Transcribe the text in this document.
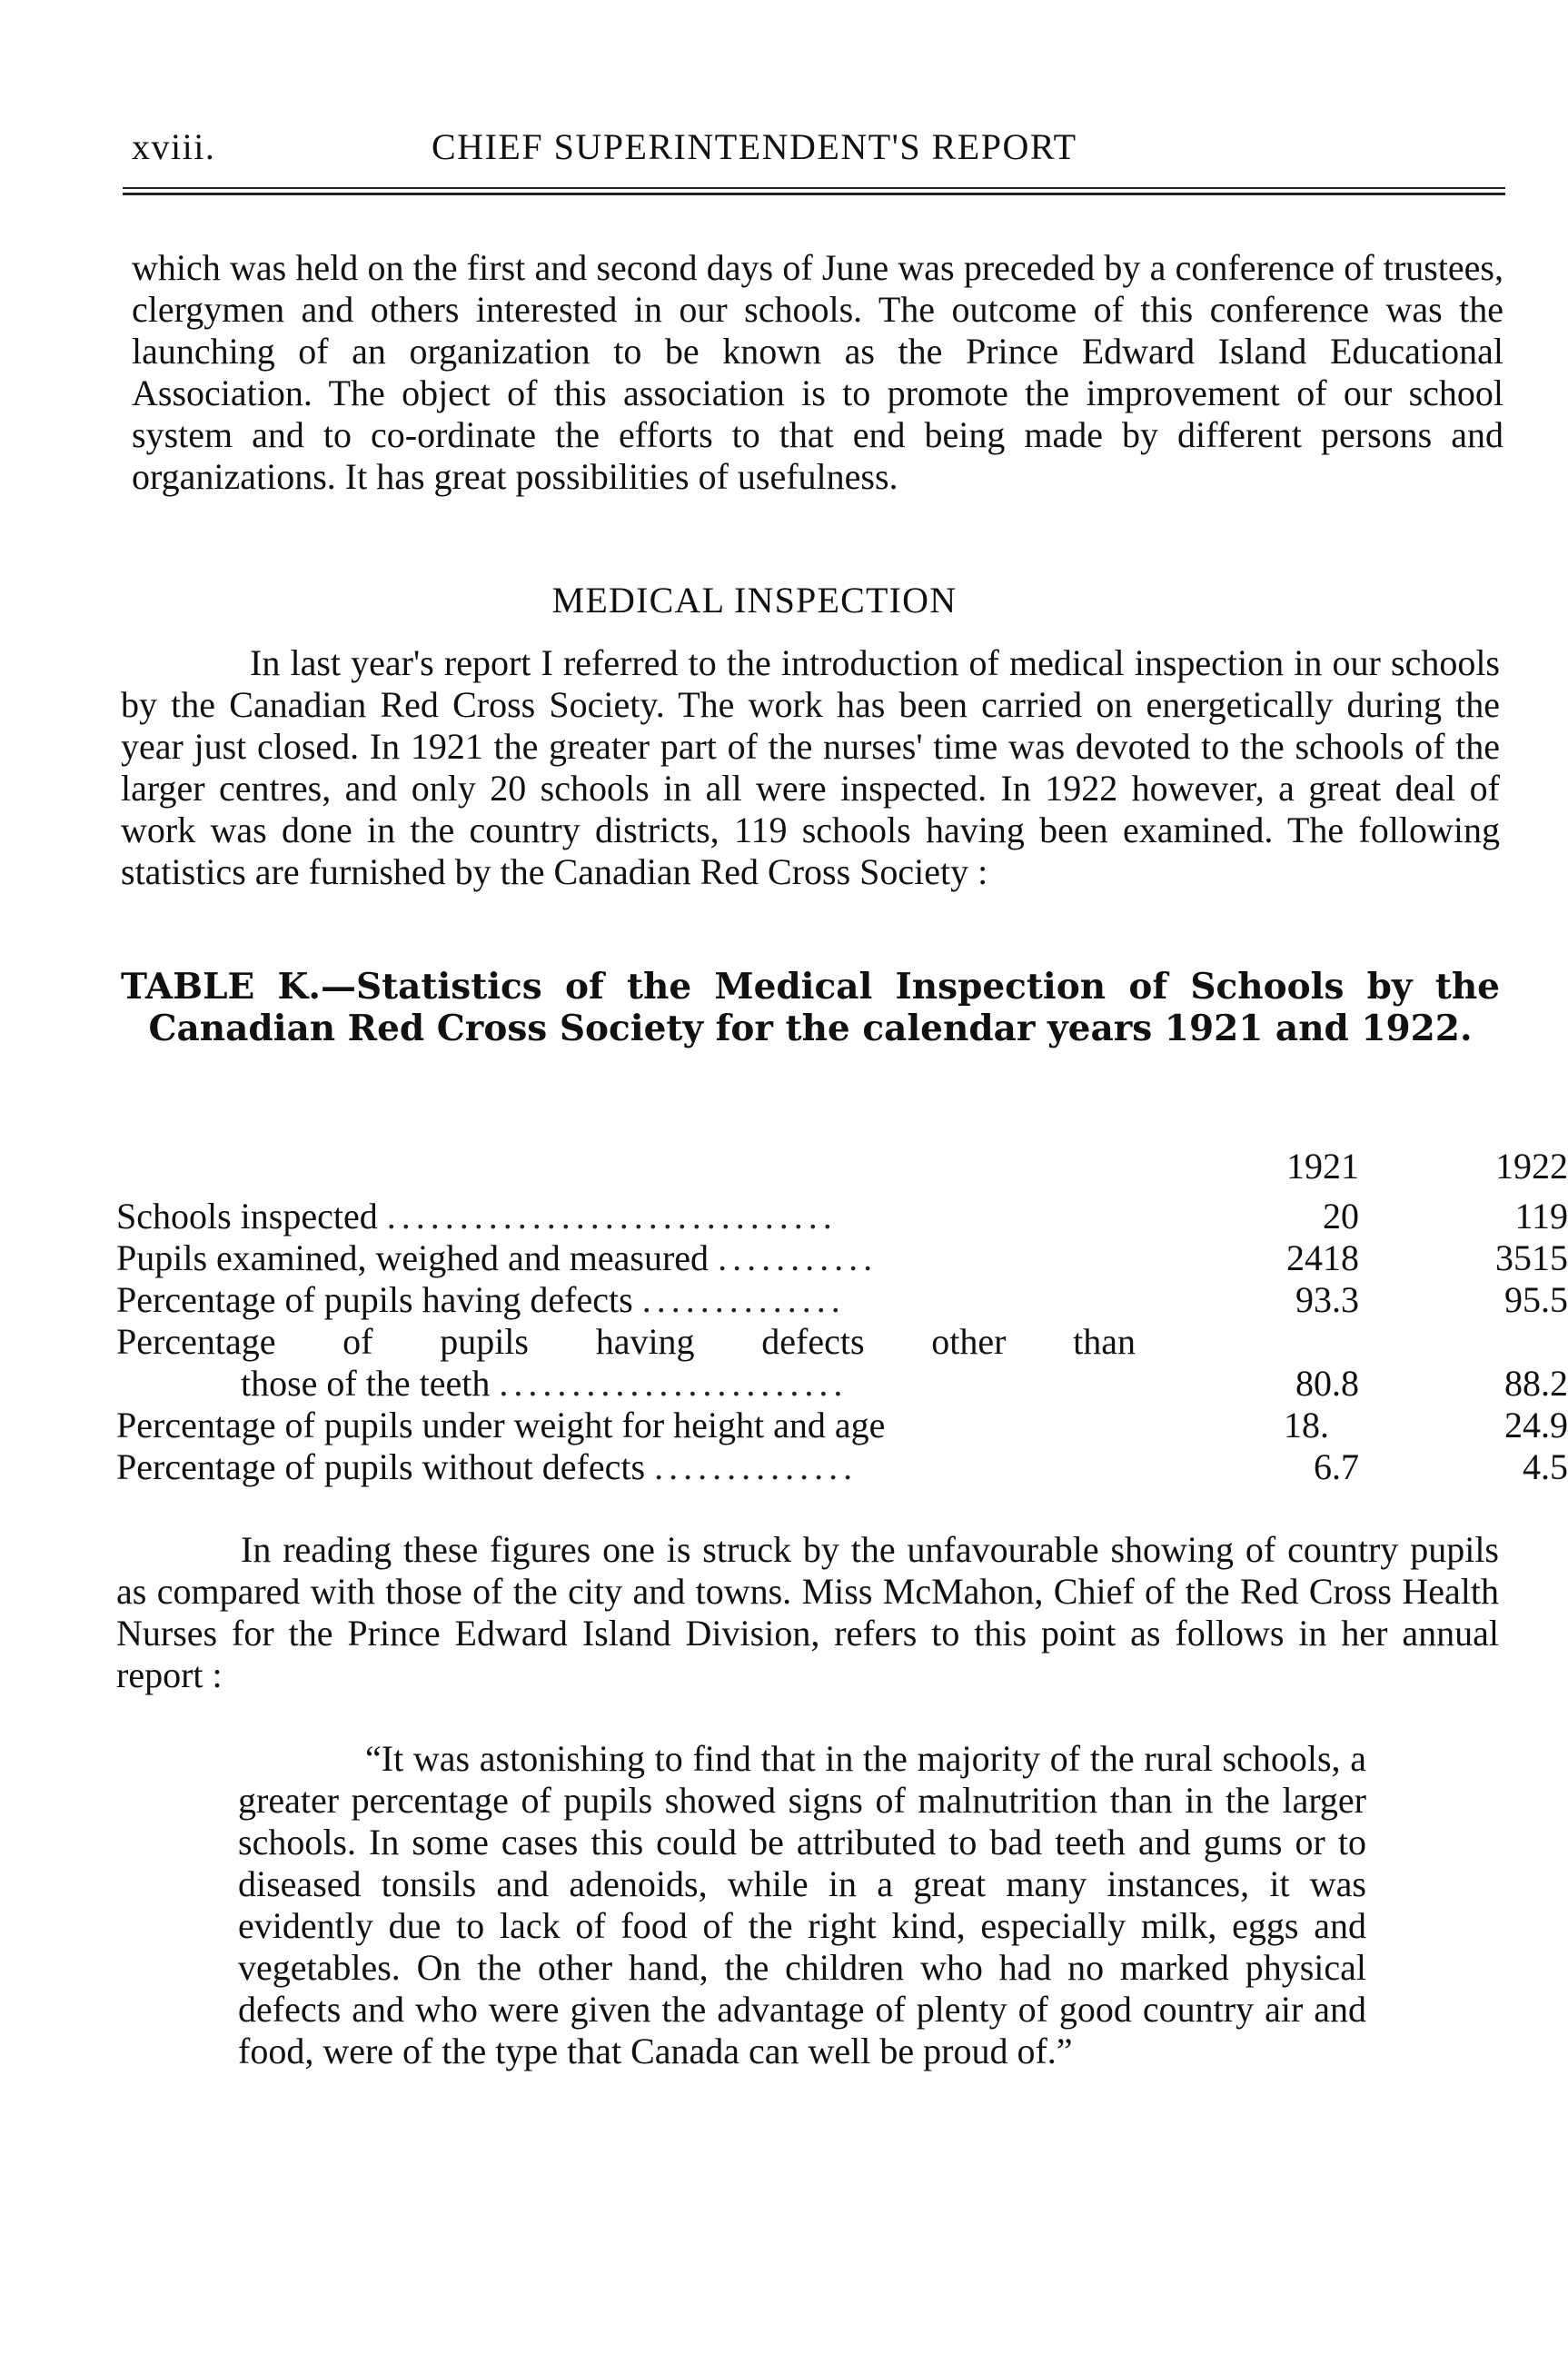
xviii.	CHIEF SUPERINTENDENT'S REPORT
which was held on the first and second days of June was preceded by a conference of trustees, clergymen and others interested in our schools. The outcome of this conference was the launching of an organization to be known as the Prince Edward Island Educational Association. The object of this association is to promote the improvement of our school system and to co-ordinate the efforts to that end being made by different persons and organizations. It has great possibilities of usefulness.
MEDICAL INSPECTION
In last year's report I referred to the introduction of medical inspection in our schools by the Canadian Red Cross Society. The work has been carried on energetically during the year just closed. In 1921 the greater part of the nurses' time was devoted to the schools of the larger centres, and only 20 schools in all were inspected. In 1922 however, a great deal of work was done in the country districts, 119 schools having been examined. The following statistics are furnished by the Canadian Red Cross Society :
TABLE K.—Statistics of the Medical Inspection of Schools by the Canadian Red Cross Society for the calendar years 1921 and 1922.
1921	1922
Schools inspected ...............................	20	119
Pupils examined, weighed and measured ...........	2418	3515
Percentage of pupils having defects ..............	93.3	95.5
Percentage of pupils having defects other than
those of the teeth ........................	80.8	88.2
Percentage of pupils under weight for height and age	18.	24.9
Percentage of pupils without defects ..............	6.7	4.5
In reading these figures one is struck by the unfavourable showing of country pupils as compared with those of the city and towns. Miss McMahon, Chief of the Red Cross Health Nurses for the Prince Edward Island Division, refers to this point as follows in her annual report :
“It was astonishing to find that in the majority of the rural schools, a greater percentage of pupils showed signs of malnutrition than in the larger schools. In some cases this could be attributed to bad teeth and gums or to diseased tonsils and adenoids, while in a great many instances, it was evidently due to lack of food of the right kind, especially milk, eggs and vegetables. On the other hand, the children who had no marked physical defects and who were given the advantage of plenty of good country air and food, were of the type that Canada can well be proud of.”
